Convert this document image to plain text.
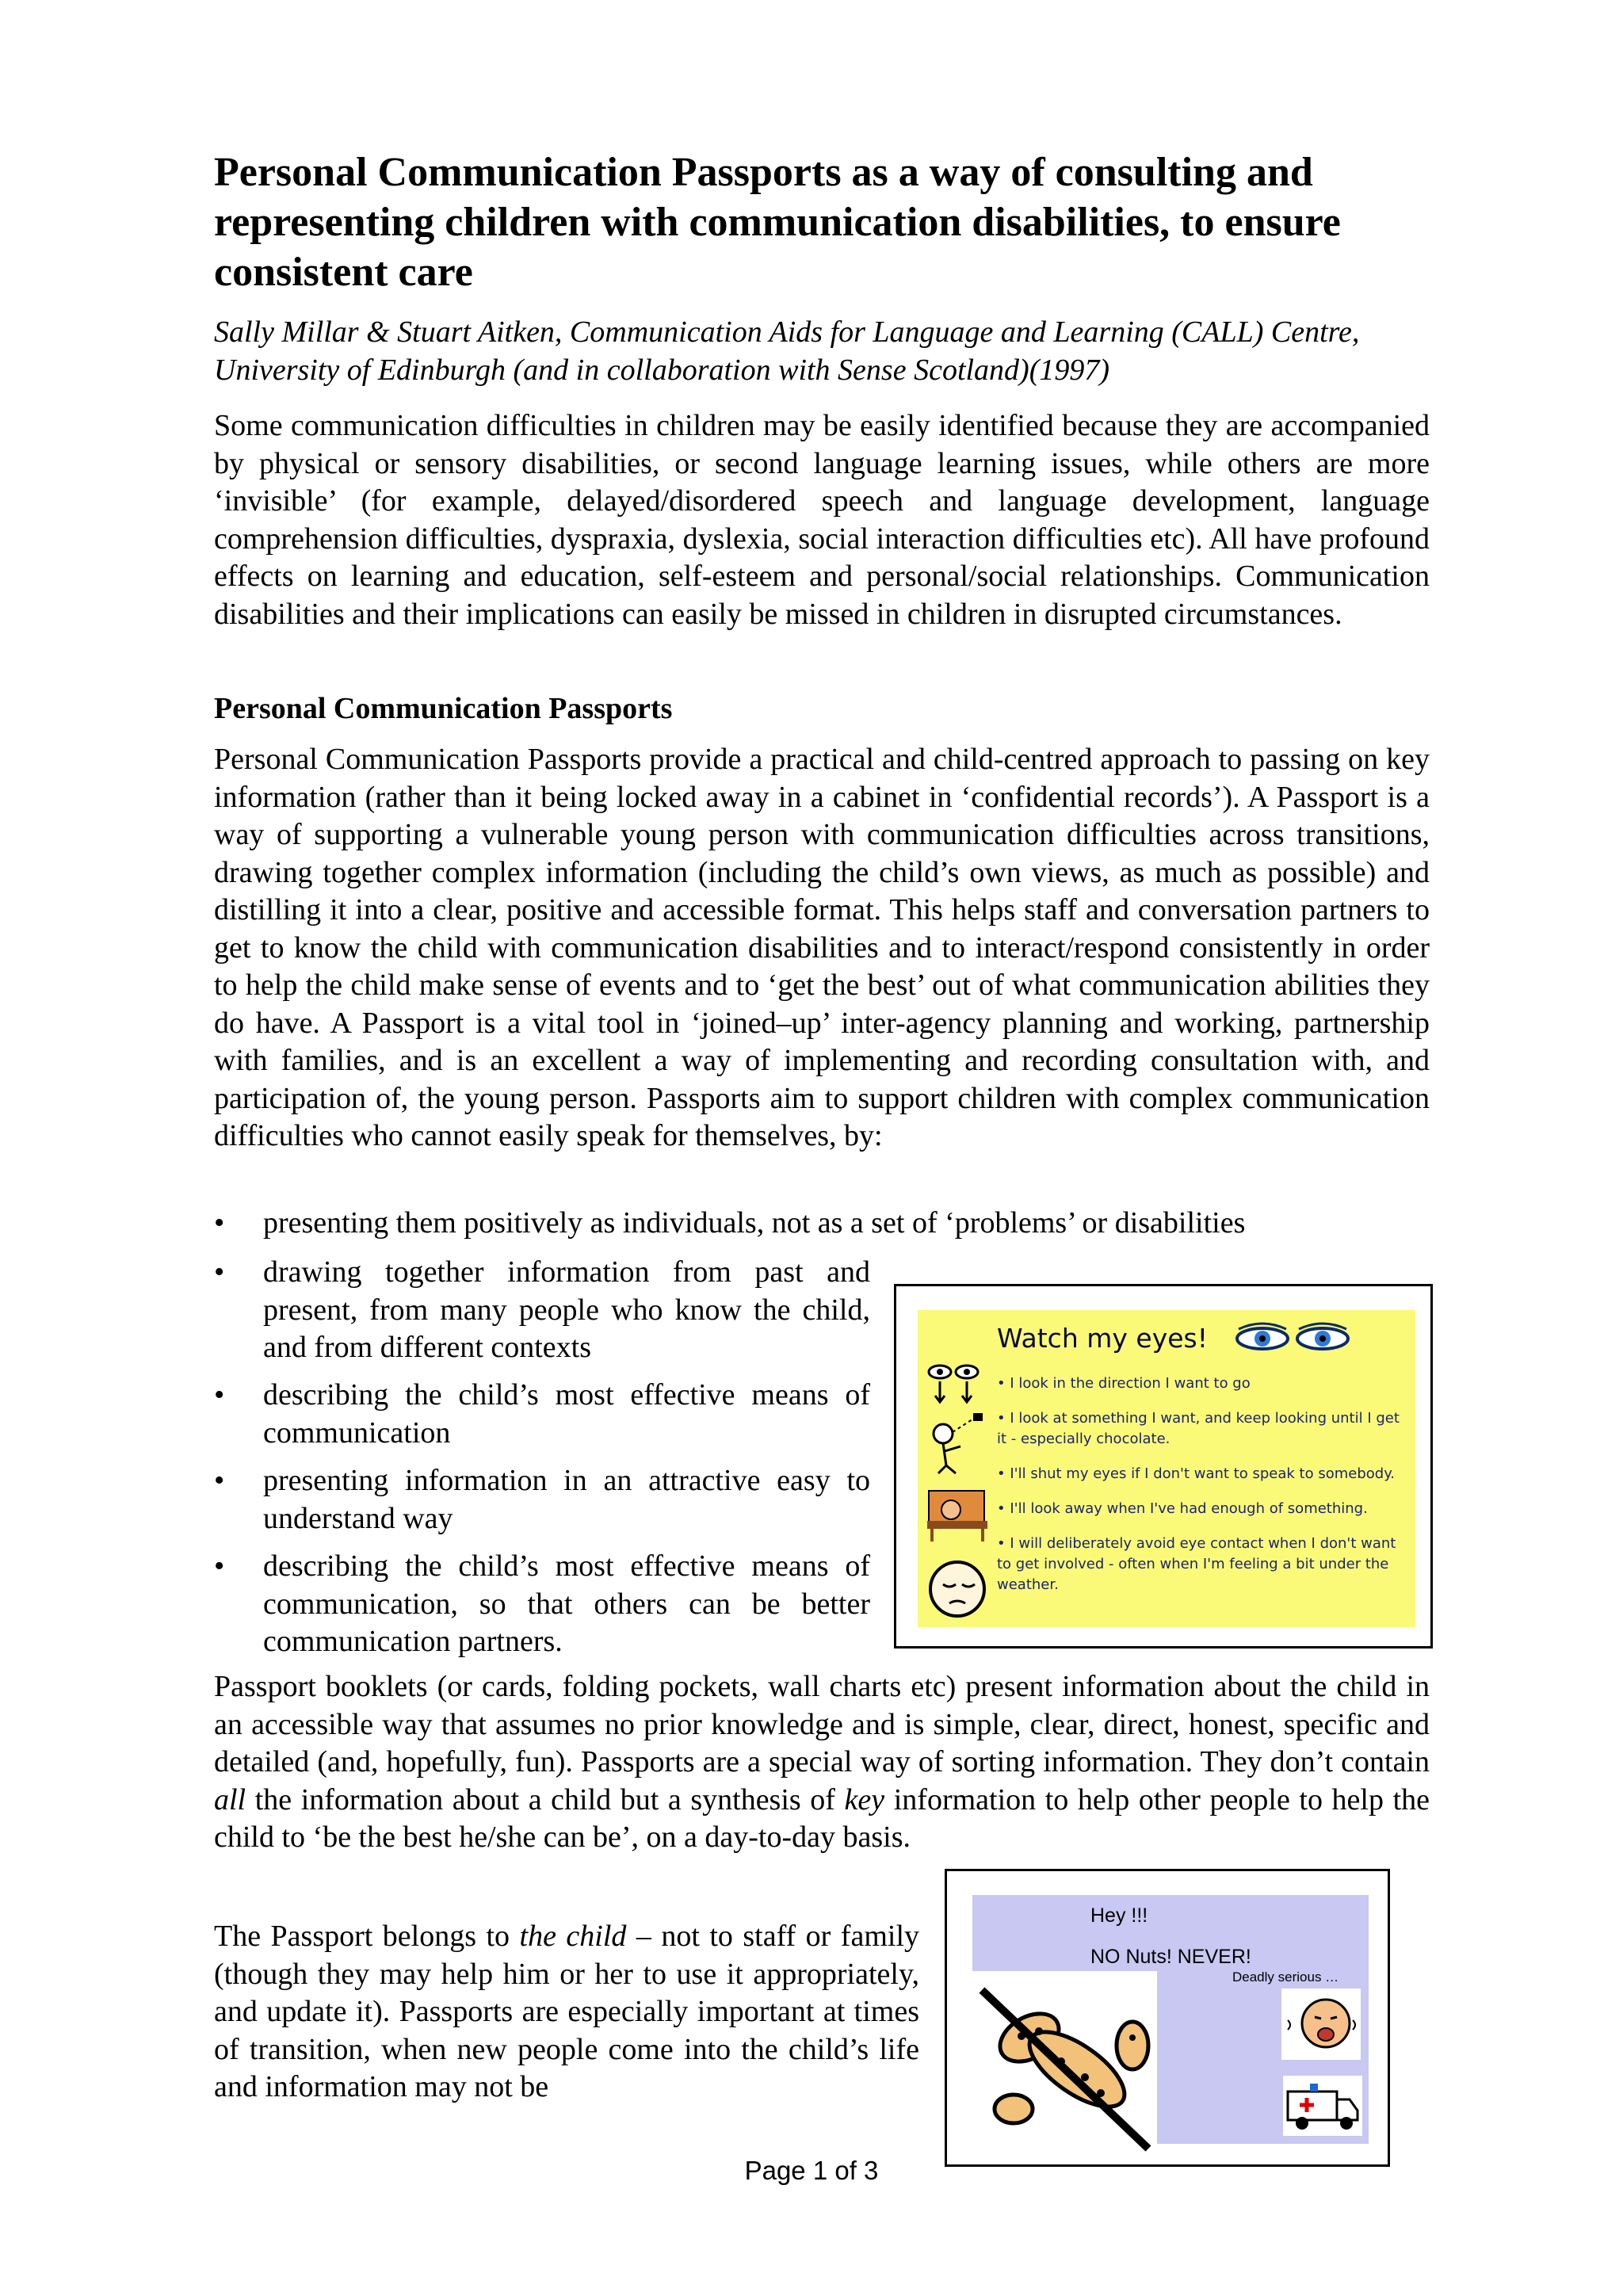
Personal Communication Passports as a way of consulting and representing children with communication disabilities, to ensure consistent care

Sally Millar & Stuart Aitken, Communication Aids for Language and Learning (CALL) Centre, University of Edinburgh (and in collaboration with Sense Scotland)(1997)

Some communication difficulties in children may be easily identified because they are accompanied by physical or sensory disabilities, or second language learning issues, while others are more ‘invisible’ (for example, delayed/disordered speech and language development, language comprehension difficulties, dyspraxia, dyslexia, social interaction difficulties etc). All have profound effects on learning and education, self-esteem and personal/social relationships. Communication disabilities and their implications can easily be missed in children in disrupted circumstances.

Personal Communication Passports

Personal Communication Passports provide a practical and child-centred approach to passing on key information (rather than it being locked away in a cabinet in ‘confidential records’). A Passport is a way of supporting a vulnerable young person with communication difficulties across transitions, drawing together complex information (including the child’s own views, as much as possible) and distilling it into a clear, positive and accessible format. This helps staff and conversation partners to get to know the child with communication disabilities and to interact/respond consistently in order to help the child make sense of events and to ‘get the best’ out of what communication abilities they do have. A Passport is a vital tool in ‘joined–up’ inter-agency planning and working, partnership with families, and is an excellent a way of implementing and recording consultation with, and participation of, the young person. Passports aim to support children with complex communication difficulties who cannot easily speak for themselves, by:

•	presenting them positively as individuals, not as a set of ‘problems’ or disabilities
•	drawing together information from past and present, from many people who know the child, and from different contexts
•	describing the child’s most effective means of communication
•	presenting information in an attractive easy to understand way
•	describing the child’s most effective means of communication, so that others can be better communication partners.
Watch my eyes!
• I look in the direction I want to go
• I look at something I want, and keep looking until I get
it - especially chocolate.
• I'll shut my eyes if I don't want to speak to somebody.
• I'll look away when I've had enough of something.
• I will deliberately avoid eye contact when I don't want
to get involved - often when I'm feeling a bit under the
weather.

Passport booklets (or cards, folding pockets, wall charts etc) present information about the child in an accessible way that assumes no prior knowledge and is simple, clear, direct, honest, specific and detailed (and, hopefully, fun). Passports are a special way of sorting information. They don’t contain all the information about a child but a synthesis of key information to help other people to help the child to ‘be the best he/she can be’, on a day-to-day basis.

The Passport belongs to the child – not to staff or family (though they may help him or her to use it appropriately, and update it). Passports are especially important at times of transition, when new people come into the child’s life and information may not be

Hey !!!
NO Nuts! NEVER!
Deadly serious …
Page 1 of 3
